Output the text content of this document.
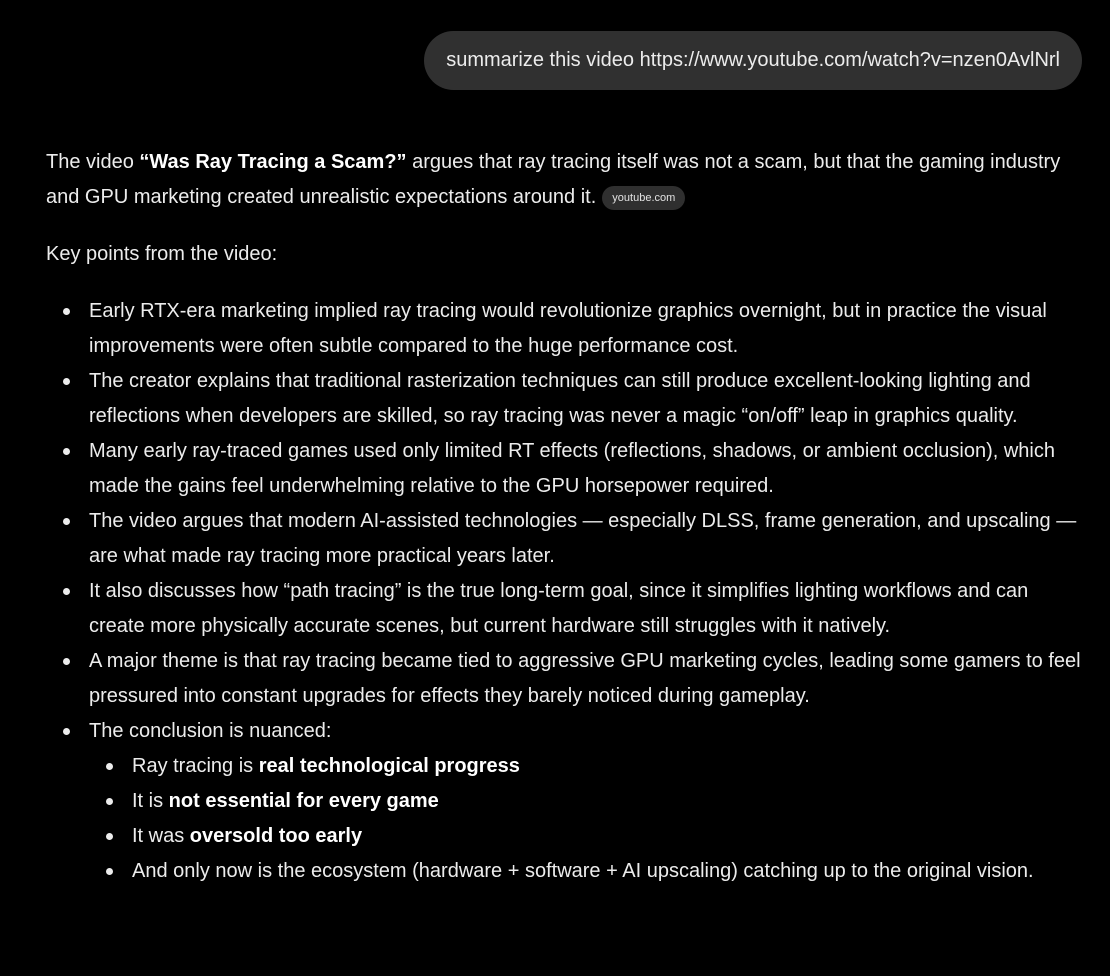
summarize this video https://www.youtube.com/watch?v=nzen0AvlNrl

The video “Was Ray Tracing a Scam?” argues that ray tracing itself was not a scam, but that the gaming industry and GPU marketing created unrealistic expectations around it. youtube.com

Key points from the video:

Early RTX-era marketing implied ray tracing would revolutionize graphics overnight, but in practice the visual improvements were often subtle compared to the huge performance cost.
The creator explains that traditional rasterization techniques can still produce excellent-looking lighting and reflections when developers are skilled, so ray tracing was never a magic “on/off” leap in graphics quality.
Many early ray-traced games used only limited RT effects (reflections, shadows, or ambient occlusion), which made the gains feel underwhelming relative to the GPU horsepower required.
The video argues that modern AI-assisted technologies — especially DLSS, frame generation, and upscaling — are what made ray tracing more practical years later.
It also discusses how “path tracing” is the true long-term goal, since it simplifies lighting workflows and can create more physically accurate scenes, but current hardware still struggles with it natively.
A major theme is that ray tracing became tied to aggressive GPU marketing cycles, leading some gamers to feel pressured into constant upgrades for effects they barely noticed during gameplay.
The conclusion is nuanced:
Ray tracing is real technological progress
It is not essential for every game
It was oversold too early
And only now is the ecosystem (hardware + software + AI upscaling) catching up to the original vision.
